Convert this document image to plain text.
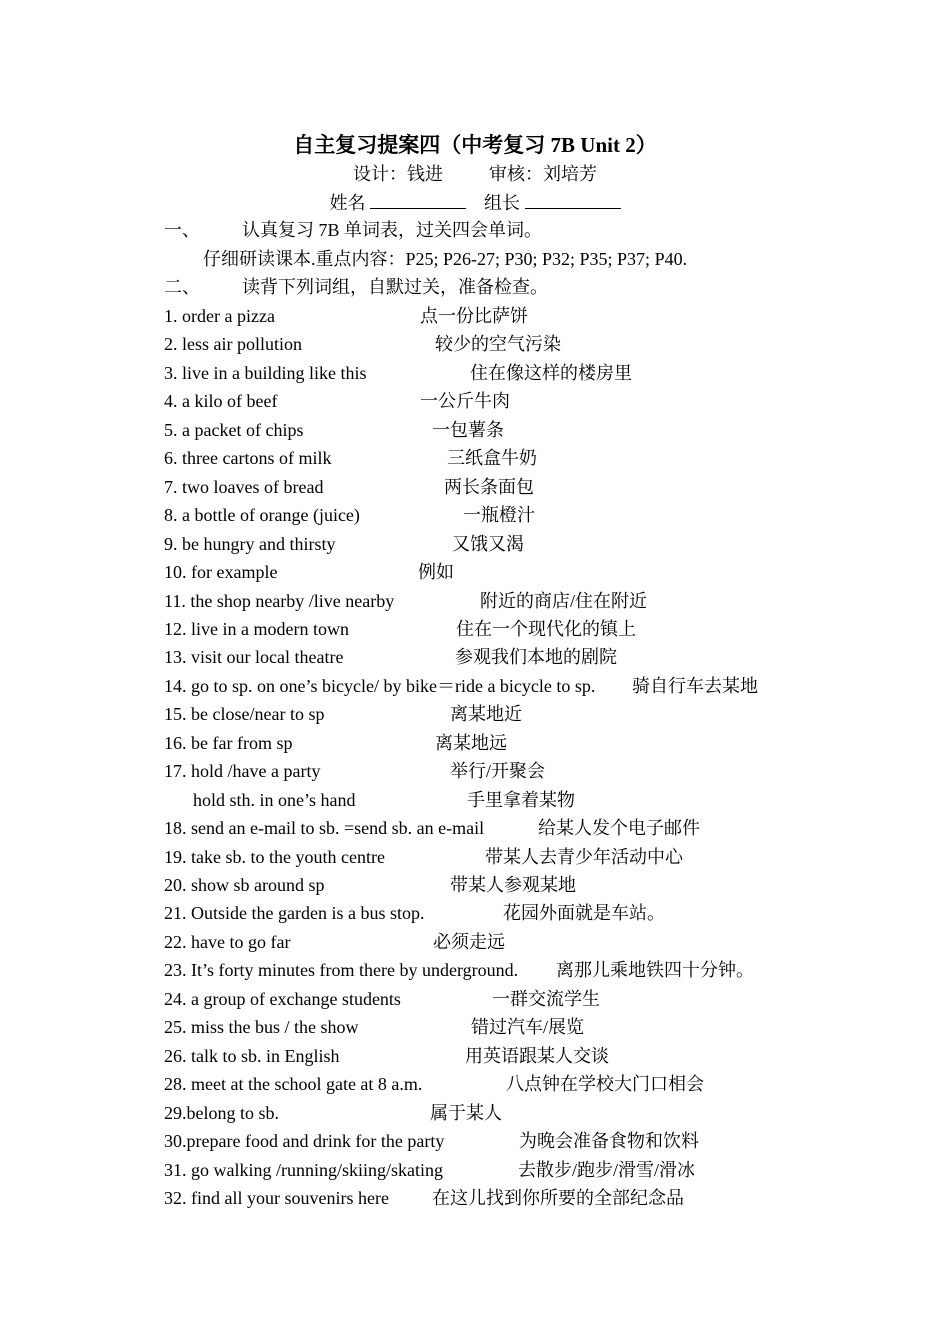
自主复习提案四（中考复习 7B Unit 2）
设计：钱进	审核：刘培芳
姓名	组长
一、 认真复习 7B 单词表，过关四会单词。
仔细研读课本.重点内容：P25; P26-27; P30; P32; P35; P37; P40.
二、 读背下列词组，自默过关，准备检查。
1. order a pizza	点一份比萨饼
2. less air pollution	较少的空气污染
3. live in a building like this	住在像这样的楼房里
4. a kilo of beef	一公斤牛肉
5. a packet of chips	一包薯条
6. three cartons of milk	三纸盒牛奶
7. two loaves of bread	两长条面包
8. a bottle of orange (juice)	一瓶橙汁
9. be hungry and thirsty	又饿又渴
10. for example	例如
11. the shop nearby /live nearby	附近的商店/住在附近
12. live in a modern town	住在一个现代化的镇上
13. visit our local theatre	参观我们本地的剧院
14. go to sp. on one’s bicycle/ by bike＝ride a bicycle to sp. 骑自行车去某地
15. be close/near to sp	离某地近
16. be far from sp	离某地远
17. hold /have a party	举行/开聚会
hold sth. in one’s hand	手里拿着某物
18. send an e-mail to sb. =send sb. an e-mail	给某人发个电子邮件
19. take sb. to the youth centre	带某人去青少年活动中心
20. show sb around sp	带某人参观某地
21. Outside the garden is a bus stop.	花园外面就是车站。
22. have to go far	必须走远
23. It’s forty minutes from there by underground. 离那儿乘地铁四十分钟。
24. a group of exchange students	一群交流学生
25. miss the bus / the show	错过汽车/展览
26. talk to sb. in English	用英语跟某人交谈
28. meet at the school gate at 8 a.m.	八点钟在学校大门口相会
29.belong to sb.	属于某人
30.prepare food and drink for the party	为晚会准备食物和饮料
31. go walking /running/skiing/skating	去散步/跑步/滑雪/滑冰
32. find all your souvenirs here 在这儿找到你所要的全部纪念品
